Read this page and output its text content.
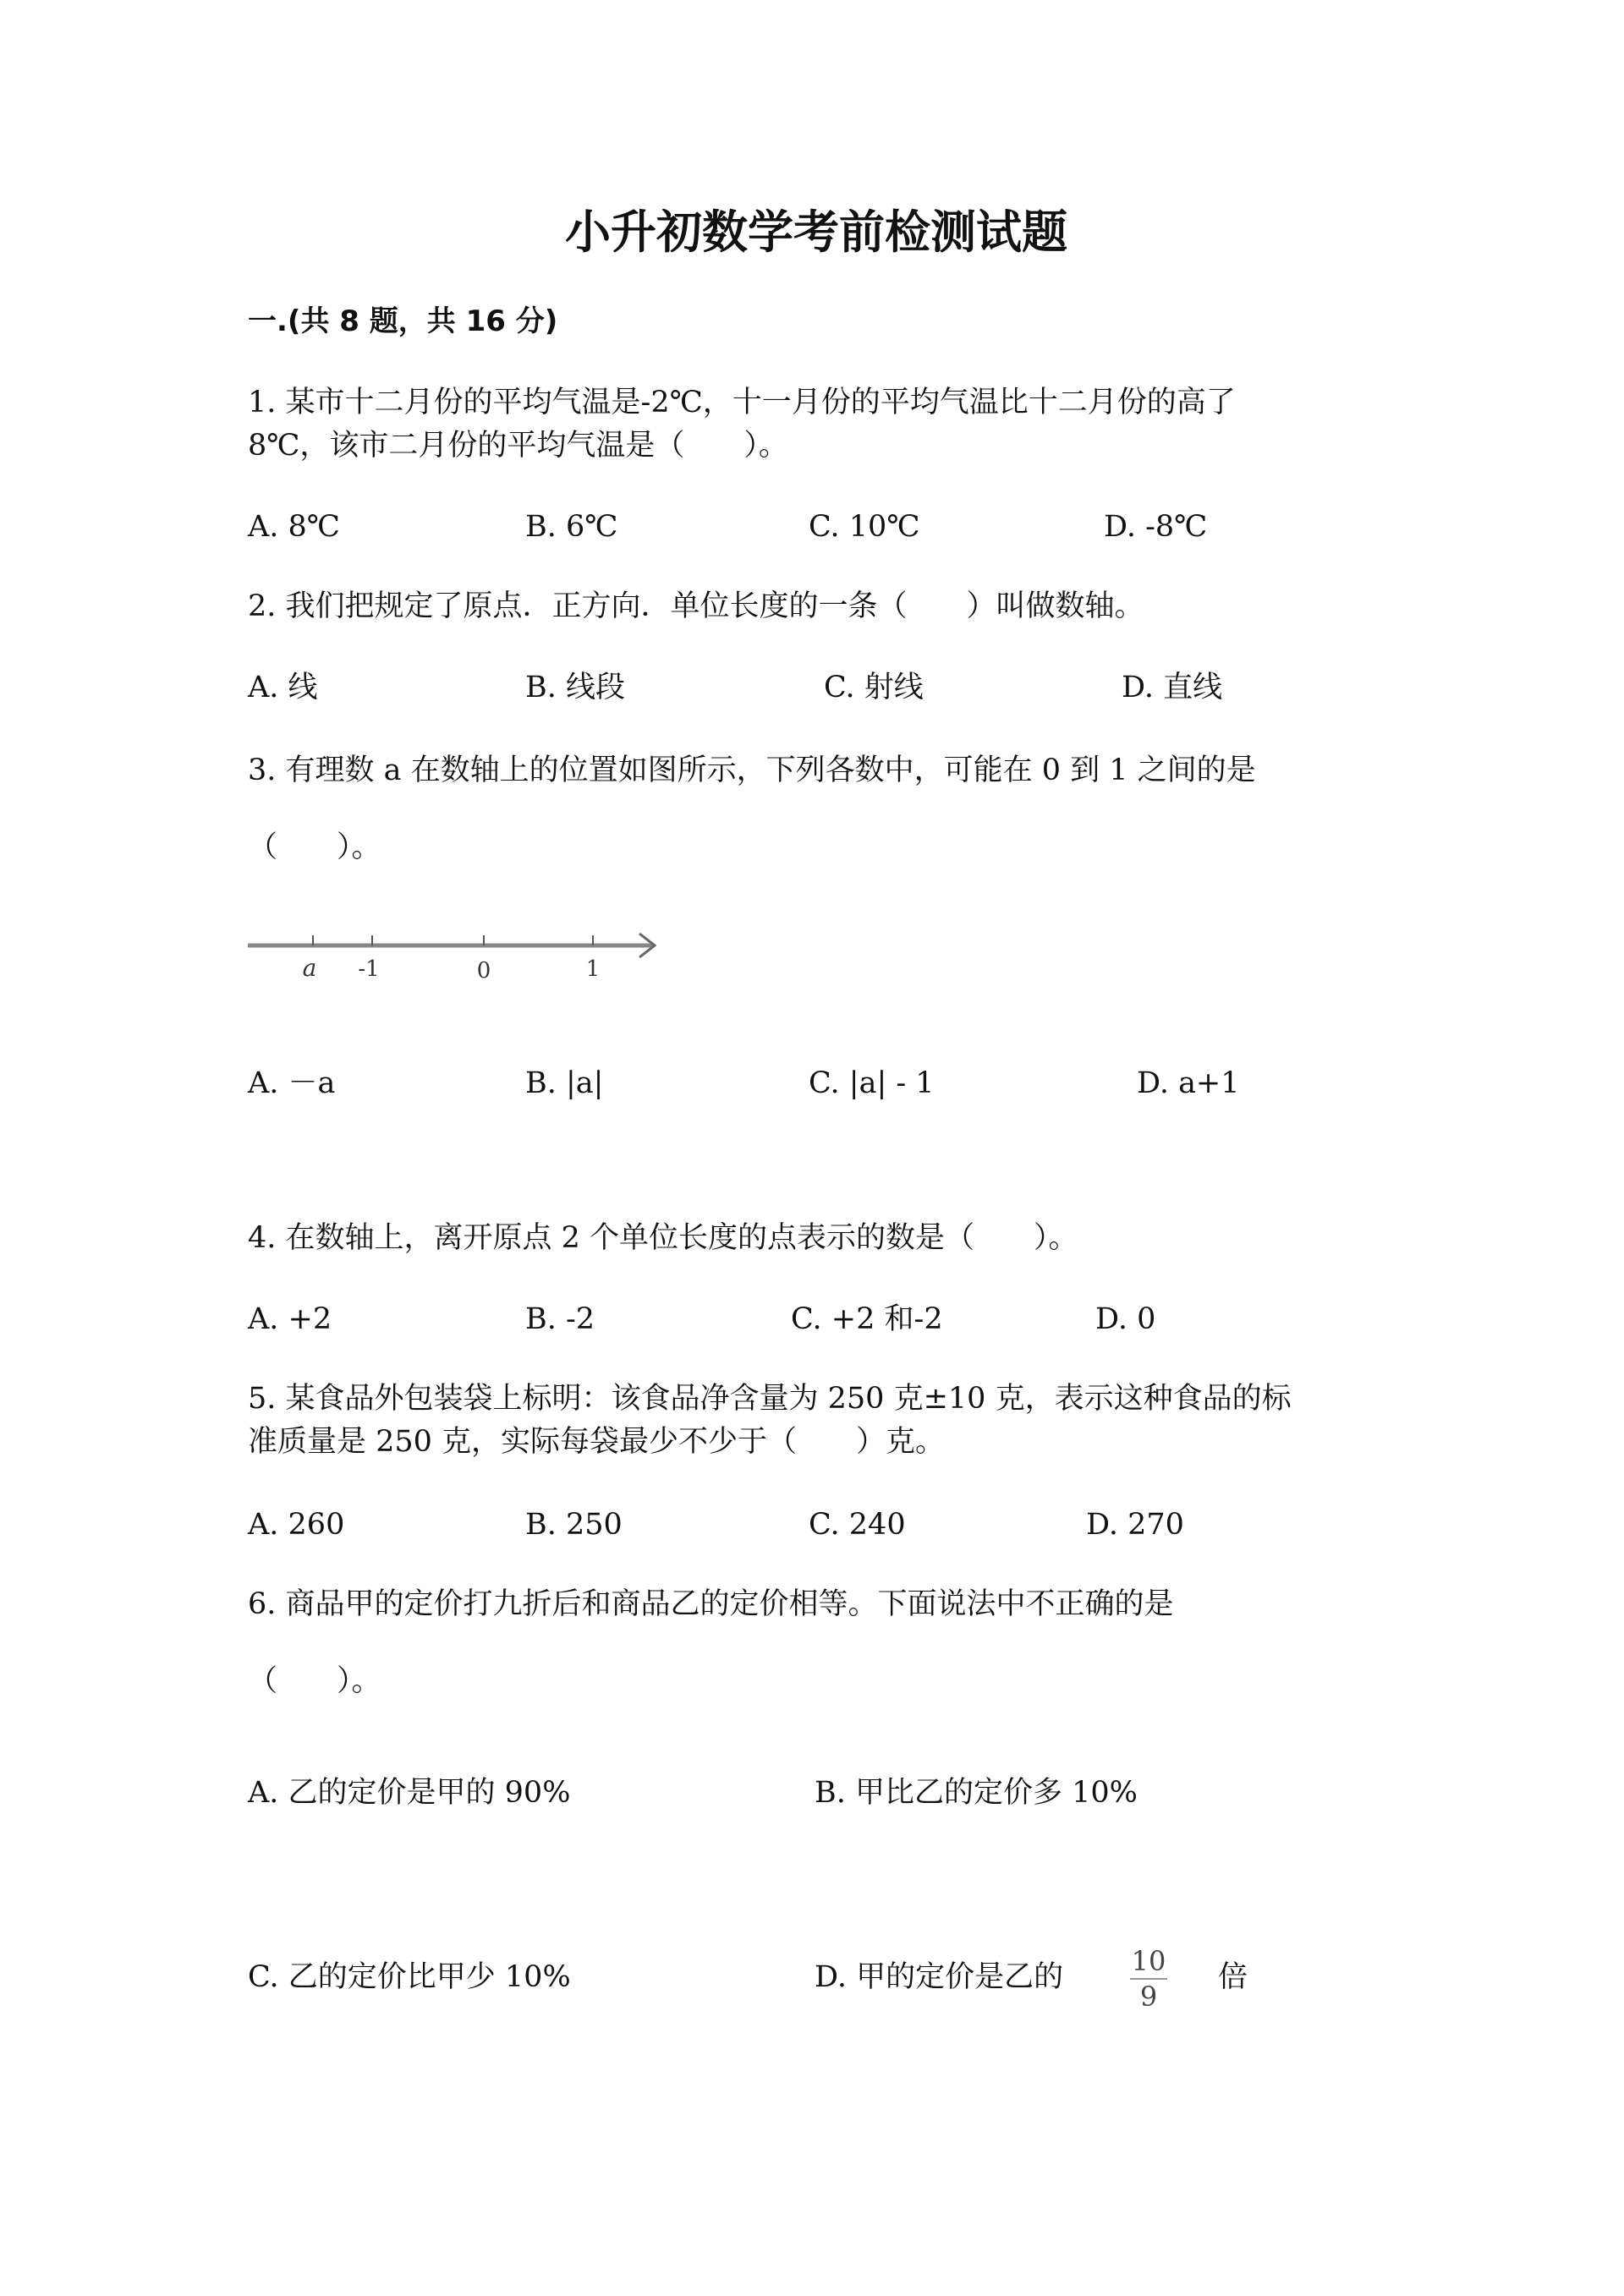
小升初数学考前检测试题
一.(共 8 题，共 16 分)
1. 某市十二月份的平均气温是-2℃，十一月份的平均气温比十二月份的高了
8℃，该市二月份的平均气温是（　　）。
A. 8℃	B. 6℃	C. 10℃	D. -8℃
2. 我们把规定了原点．正方向．单位长度的一条（　　）叫做数轴。
A. 线	B. 线段	C. 射线	D. 直线
3. 有理数 a 在数轴上的位置如图所示，下列各数中，可能在 0 到 1 之间的是
（　　）。
a -1	0	1
A. －a	B. |a|	C. |a| - 1	D. a+1
4. 在数轴上，离开原点 2 个单位长度的点表示的数是（　　）。
A. +2	B. -2	C. +2 和-2	D. 0
5. 某食品外包装袋上标明：该食品净含量为 250 克±10 克，表示这种食品的标
准质量是 250 克，实际每袋最少不少于（　　）克。
A. 260	B. 250	C. 240	D. 270
6. 商品甲的定价打九折后和商品乙的定价相等。下面说法中不正确的是
（　　）。
A. 乙的定价是甲的 90%	B. 甲比乙的定价多 10%
C. 乙的定价比甲少 10%	D. 甲的定价是乙的	10
9
倍
